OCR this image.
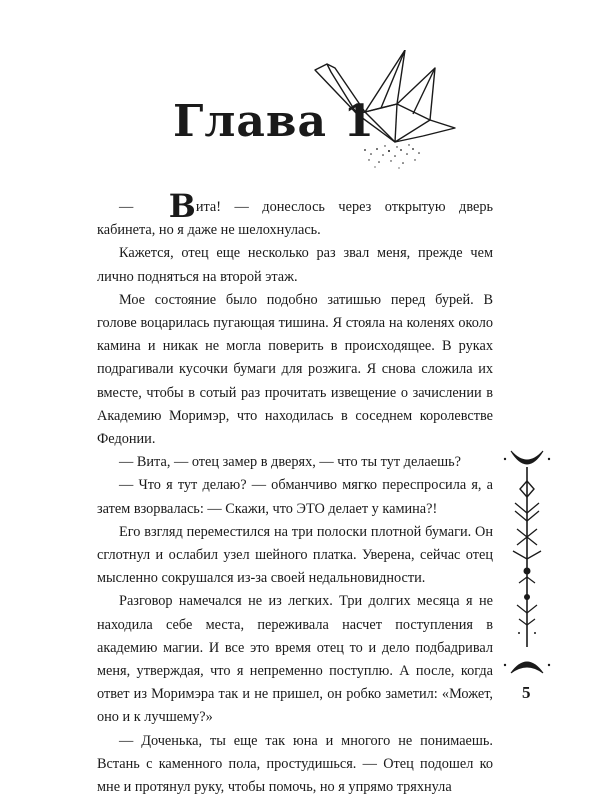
Глава 1

— Вита! — донеслось через открытую дверь кабинета, но я даже не шелохнулась.

Кажется, отец еще несколько раз звал меня, прежде чем лично подняться на второй этаж.

Мое состояние было подобно затишью перед бурей. В голове воцарилась пугающая тишина. Я стояла на коленях около камина и никак не могла поверить в происходящее. В руках подрагивали кусочки бумаги для розжига. Я снова сложила их вместе, чтобы в сотый раз прочитать извещение о зачислении в Академию Моримэр, что находилась в соседнем королевстве Федонии.

— Вита, — отец замер в дверях, — что ты тут делаешь?

— Что я тут делаю? — обманчиво мягко переспросила я, а затем взорвалась: — Скажи, что ЭТО делает у камина?!

Его взгляд переместился на три полоски плотной бумаги. Он сглотнул и ослабил узел шейного платка. Уверена, сейчас отец мысленно сокрушался из-за своей недальновидности.

Разговор намечался не из легких. Три долгих месяца я не находила себе места, переживала насчет поступления в академию магии. И все это время отец то и дело подбадривал меня, утверждая, что я непременно поступлю. А после, когда ответ из Моримэра так и не пришел, он робко заметил: «Может, оно и к лучшему?»

— Доченька, ты еще так юна и многого не понимаешь. Встань с каменного пола, простудишься. — Отец подошел ко мне и протянул руку, чтобы помочь, но я упрямо тряхнула

5
